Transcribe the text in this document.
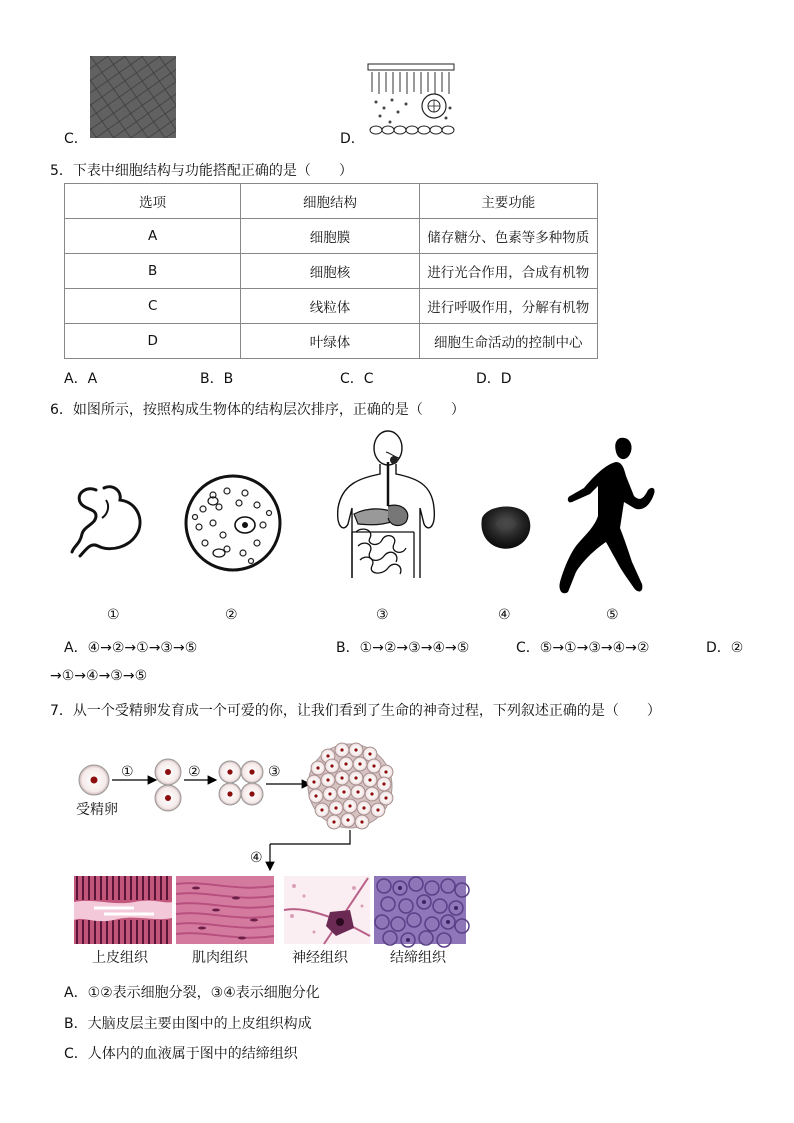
C．	D．
5．下表中细胞结构与功能搭配正确的是（　　）
选项	细胞结构	主要功能
A	细胞膜	储存糖分、色素等多种物质
B	细胞核	进行光合作用，合成有机物
C	线粒体	进行呼吸作用，分解有机物
D	叶绿体	细胞生命活动的控制中心
A．A	B．B	C．C	D．D
6．如图所示，按照构成生物体的结构层次排序，正确的是（　　）
①	②	③	④	⑤
A．④→②→①→③→⑤	B．①→②→③→④→⑤	C．⑤→①→③→④→②	D．②
→①→④→③→⑤
7．从一个受精卵发育成一个可爱的你，让我们看到了生命的神奇过程，下列叙述正确的是（　　）
受精卵
①	②	③
④
上皮组织	肌肉组织	神经组织	结缔组织
A．①②表示细胞分裂，③④表示细胞分化
B．大脑皮层主要由图中的上皮组织构成
C．人体内的血液属于图中的结缔组织
